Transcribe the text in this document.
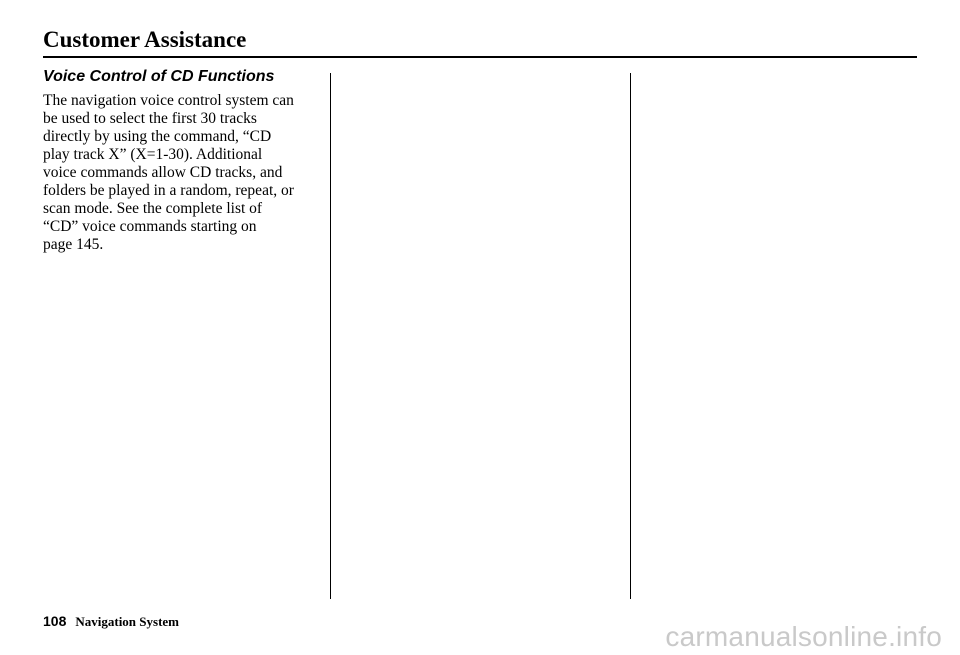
Customer Assistance
Voice Control of CD Functions

The navigation voice control system can
be used to select the first 30 tracks
directly by using the command, “CD
play track X” (X=1-30). Additional
voice commands allow CD tracks, and
folders be played in a random, repeat, or
scan mode. See the complete list of
“CD” voice commands starting on
page 145.

108 Navigation System	carmanualsonline.info
